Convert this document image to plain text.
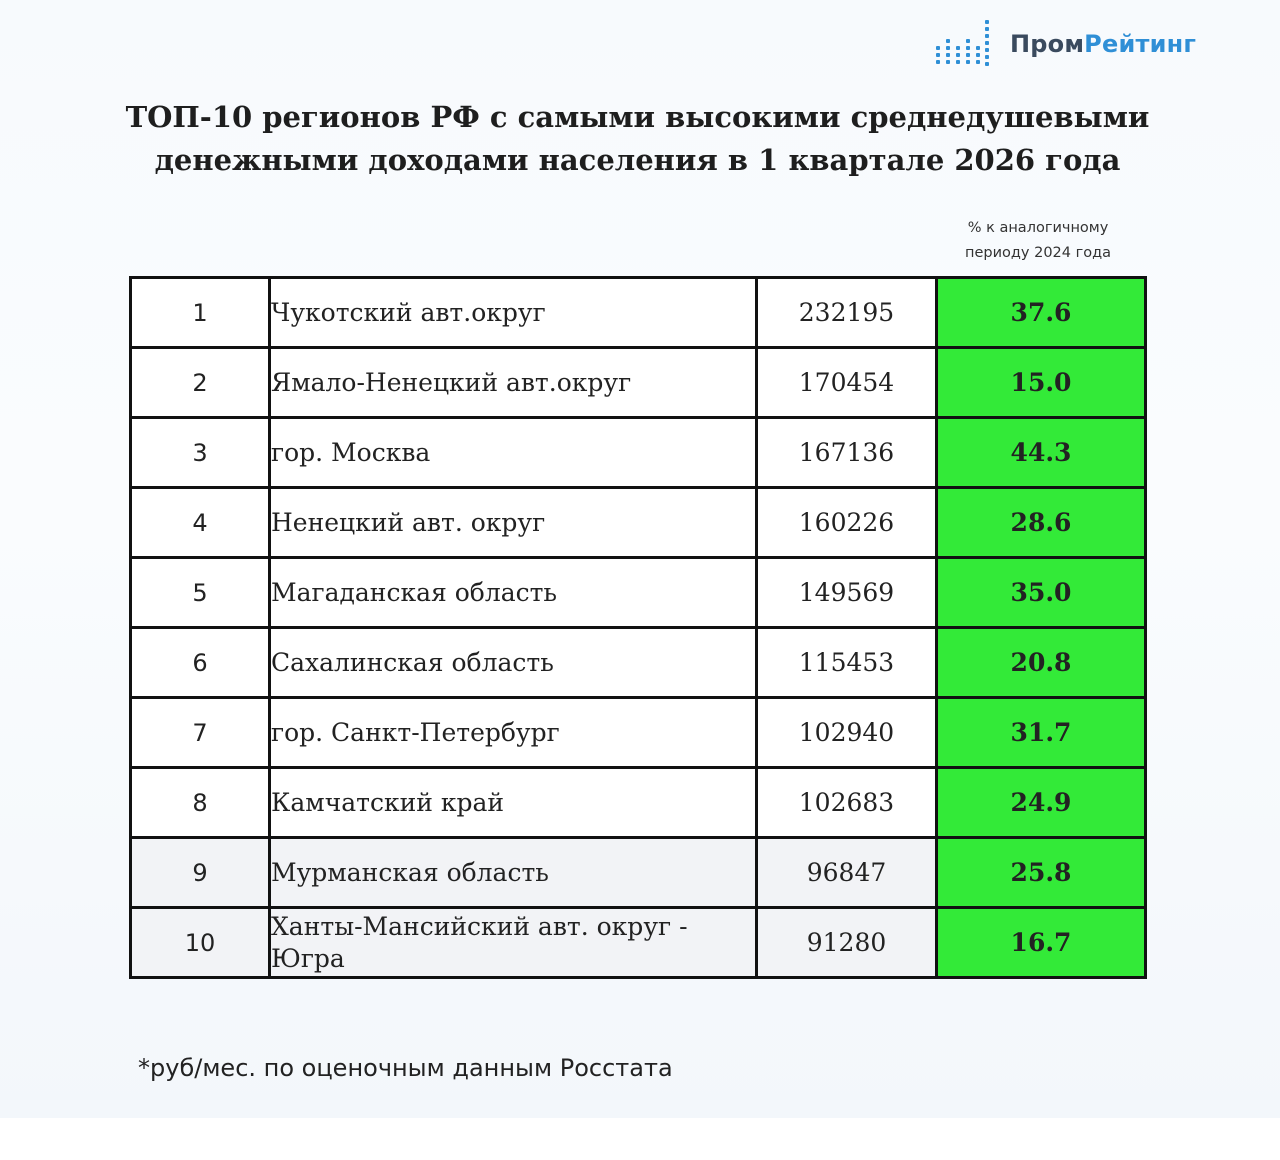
ПромРейтинг
ТОП-10 регионов РФ с самыми высокими среднедушевыми
денежными доходами населения в 1 квартале 2026 года
% к аналогичному
периоду 2024 года
1	Чукотский авт.округ	232195	37.6
2	Ямало-Ненецкий авт.округ	170454	15.0
3	гор. Москва	167136	44.3
4	Ненецкий авт. округ	160226	28.6
5	Магаданская область	149569	35.0
6	Сахалинская область	115453	20.8
7	гор. Санкт-Петербург	102940	31.7
8	Камчатский край	102683	24.9
9	Мурманская область	96847	25.8
10	Ханты-Мансийский авт. округ - Югра	91280	16.7
*руб/мес. по оценочным данным Росстата
